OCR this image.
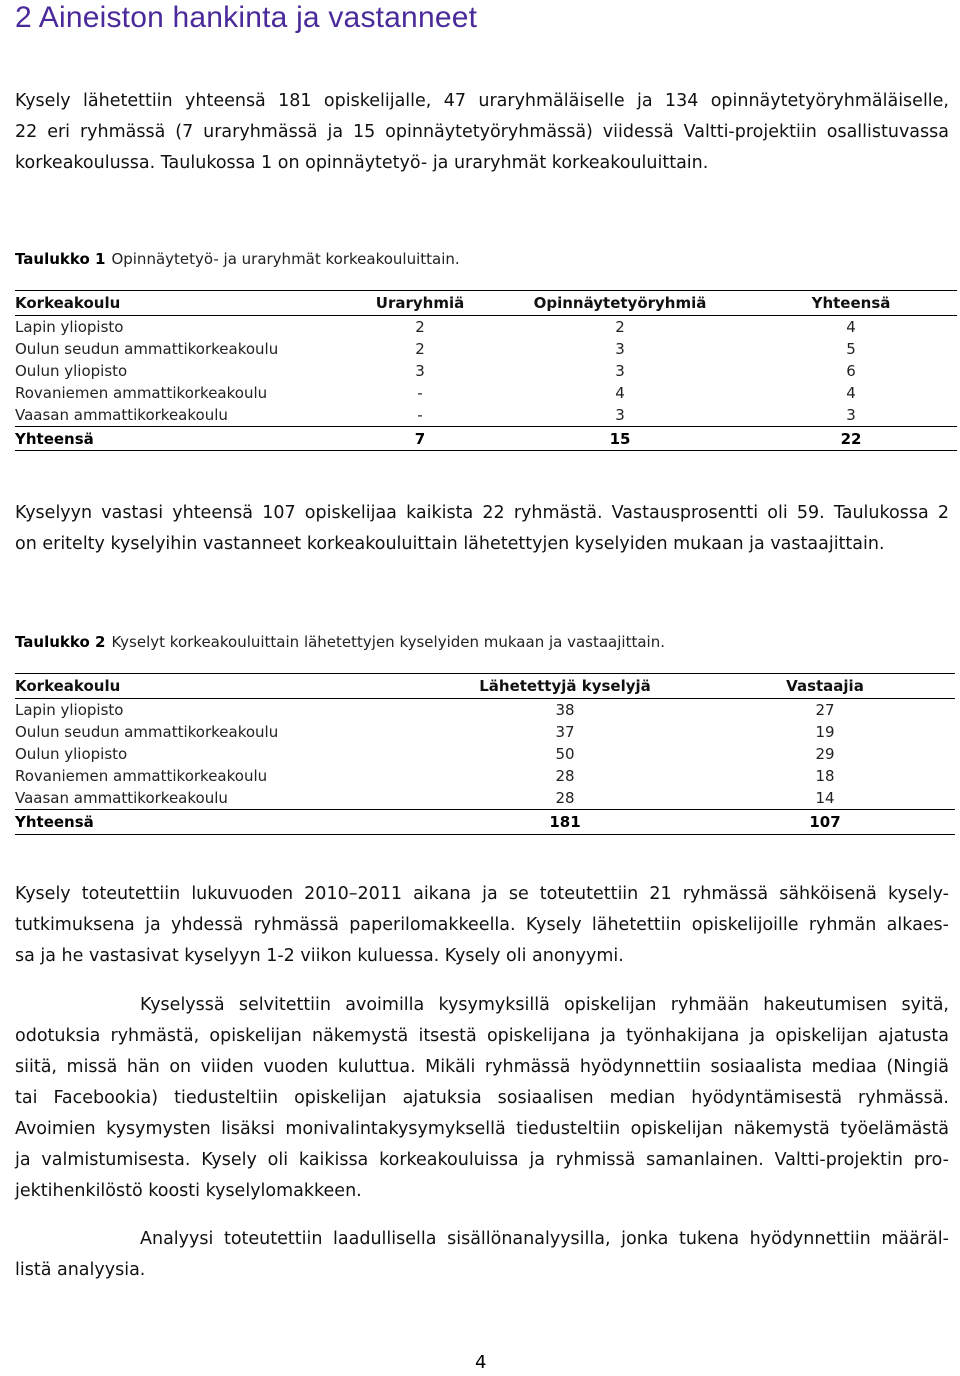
2 Aineiston hankinta ja vastanneet
Kysely lähetettiin yhteensä 181 opiskelijalle, 47 uraryhmäläiselle ja 134 opinnäytetyöryhmäläiselle,
22 eri ryhmässä (7 uraryhmässä ja 15 opinnäytetyöryhmässä) viidessä Valtti-projektiin osallistuvassa
korkeakoulussa. Taulukossa 1 on opinnäytetyö- ja uraryhmät korkeakouluittain.
Taulukko 1 Opinnäytetyö- ja uraryhmät korkeakouluittain.
Korkeakoulu	Uraryhmiä	Opinnäytetyöryhmiä	Yhteensä
Lapin yliopisto	2	2	4
Oulun seudun ammattikorkeakoulu	2	3	5
Oulun yliopisto	3	3	6
Rovaniemen ammattikorkeakoulu	-	4	4
Vaasan ammattikorkeakoulu	-	3	3
Yhteensä	7	15	22
Kyselyyn vastasi yhteensä 107 opiskelijaa kaikista 22 ryhmästä. Vastausprosentti oli 59. Taulukossa 2
on eritelty kyselyihin vastanneet korkeakouluittain lähetettyjen kyselyiden mukaan ja vastaajittain.
Taulukko 2 Kyselyt korkeakouluittain lähetettyjen kyselyiden mukaan ja vastaajittain.
Korkeakoulu	Lähetettyjä kyselyjä	Vastaajia
Lapin yliopisto	38	27
Oulun seudun ammattikorkeakoulu	37	19
Oulun yliopisto	50	29
Rovaniemen ammattikorkeakoulu	28	18
Vaasan ammattikorkeakoulu	28	14
Yhteensä	181	107
Kysely toteutettiin lukuvuoden 2010–2011 aikana ja se toteutettiin 21 ryhmässä sähköisenä kysely-
tutkimuksena ja yhdessä ryhmässä paperilomakkeella. Kysely lähetettiin opiskelijoille ryhmän alkaes-
sa ja he vastasivat kyselyyn 1-2 viikon kuluessa. Kysely oli anonyymi.
Kyselyssä selvitettiin avoimilla kysymyksillä opiskelijan ryhmään hakeutumisen syitä,
odotuksia ryhmästä, opiskelijan näkemystä itsestä opiskelijana ja työnhakijana ja opiskelijan ajatusta
siitä, missä hän on viiden vuoden kuluttua. Mikäli ryhmässä hyödynnettiin sosiaalista mediaa (Ningiä
tai Facebookia) tiedusteltiin opiskelijan ajatuksia sosiaalisen median hyödyntämisestä ryhmässä.
Avoimien kysymysten lisäksi monivalintakysymyksellä tiedusteltiin opiskelijan näkemystä työelämästä
ja valmistumisesta. Kysely oli kaikissa korkeakouluissa ja ryhmissä samanlainen. Valtti-projektin pro-
jektihenkilöstö koosti kyselylomakkeen.
Analyysi toteutettiin laadullisella sisällönanalyysilla, jonka tukena hyödynnettiin määräl-
listä analyysia.
4
